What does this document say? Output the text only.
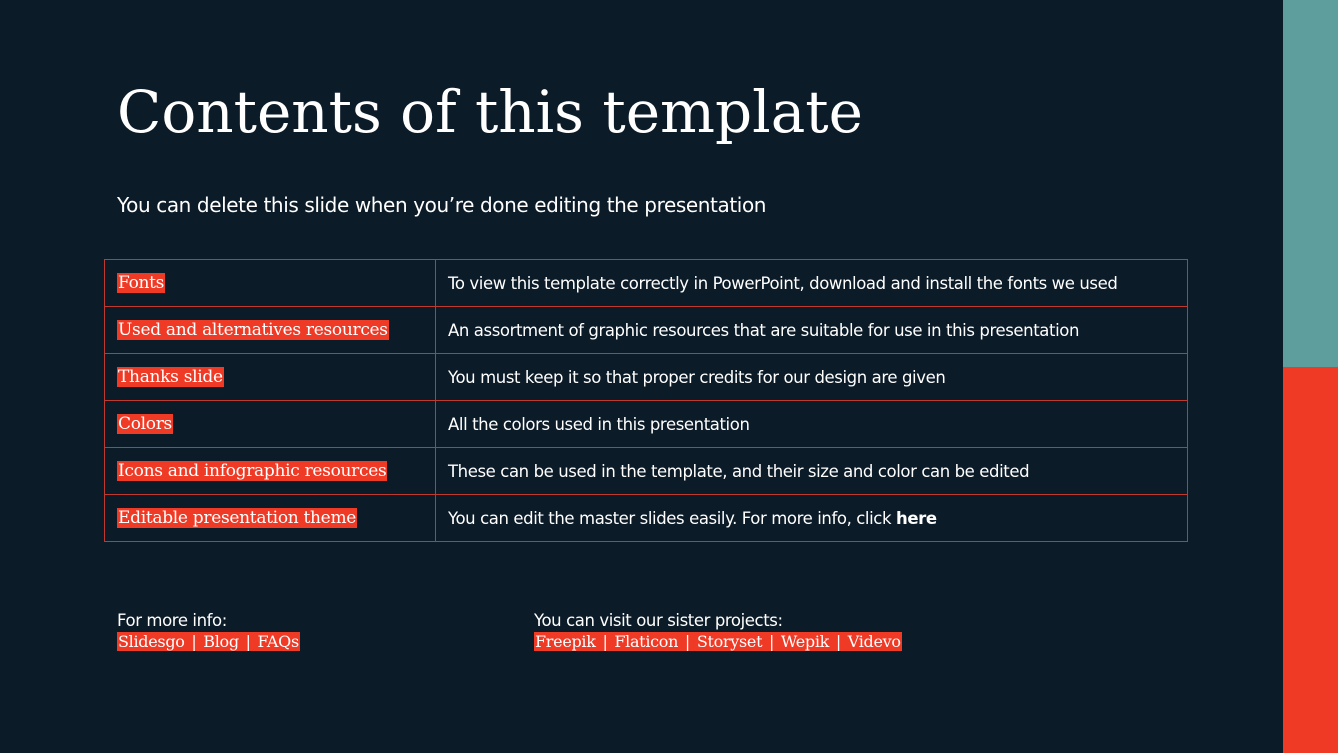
Contents of this template
You can delete this slide when you’re done editing the presentation
Fonts	To view this template correctly in PowerPoint, download and install the fonts we used
Used and alternatives resources	An assortment of graphic resources that are suitable for use in this presentation
Thanks slide	You must keep it so that proper credits for our design are given
Colors	All the colors used in this presentation
Icons and infographic resources	These can be used in the template, and their size and color can be edited
Editable presentation theme	You can edit the master slides easily. For more info, click here
For more info:
Slidesgo | Blog | FAQs
You can visit our sister projects:
Freepik | Flaticon | Storyset | Wepik | Videvo
